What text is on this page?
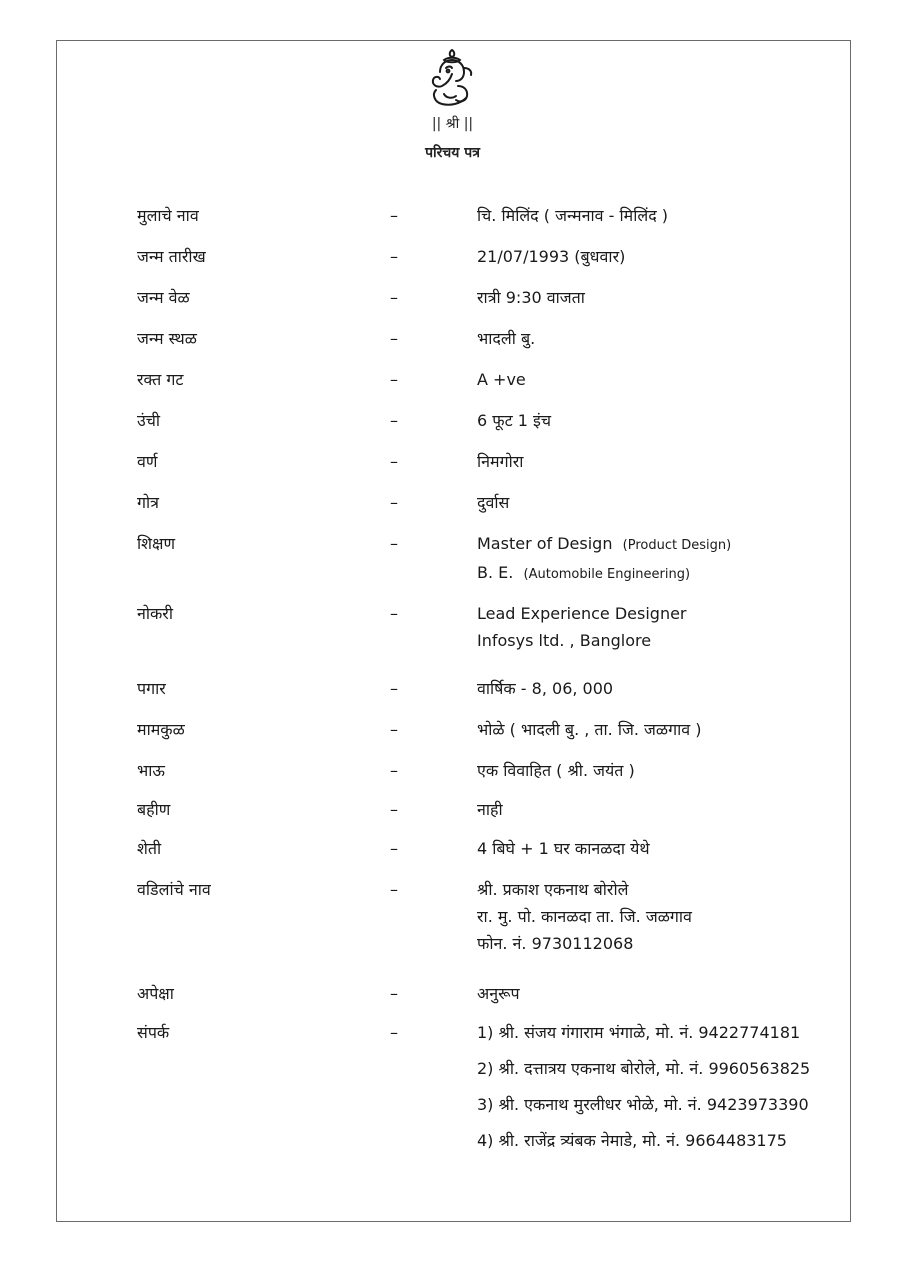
|| श्री ||
परिचय पत्र
मुलाचे नाव	–	चि. मिलिंद ( जन्मनाव - मिलिंद )
जन्म तारीख	–	21/07/1993 (बुधवार)
जन्म वेळ	–	रात्री 9:30 वाजता
जन्म स्थळ	–	भादली बु.
रक्त गट	–	A +ve
उंची	–	6 फूट 1 इंच
वर्ण	–	निमगोरा
गोत्र	–	दुर्वास
शिक्षण	–	Master of Design (Product Design)
B. E. (Automobile Engineering)
नोकरी	–	Lead Experience Designer
Infosys ltd. , Banglore
पगार	–	वार्षिक - 8, 06, 000
मामकुळ	–	भोळे ( भादली बु. , ता. जि. जळगाव )
भाऊ	–	एक विवाहित ( श्री. जयंत )
बहीण	–	नाही
शेती	–	4 बिघे + 1 घर कानळदा येथे
वडिलांचे नाव	–	श्री. प्रकाश एकनाथ बोरोले
रा. मु. पो. कानळदा ता. जि. जळगाव
फोन. नं. 9730112068
अपेक्षा	–	अनुरूप
संपर्क	–	1) श्री. संजय गंगाराम भंगाळे, मो. नं. 9422774181
2) श्री. दत्तात्रय एकनाथ बोरोले, मो. नं. 9960563825
3) श्री. एकनाथ मुरलीधर भोळे, मो. नं. 9423973390
4) श्री. राजेंद्र त्र्यंबक नेमाडे, मो. नं. 9664483175
